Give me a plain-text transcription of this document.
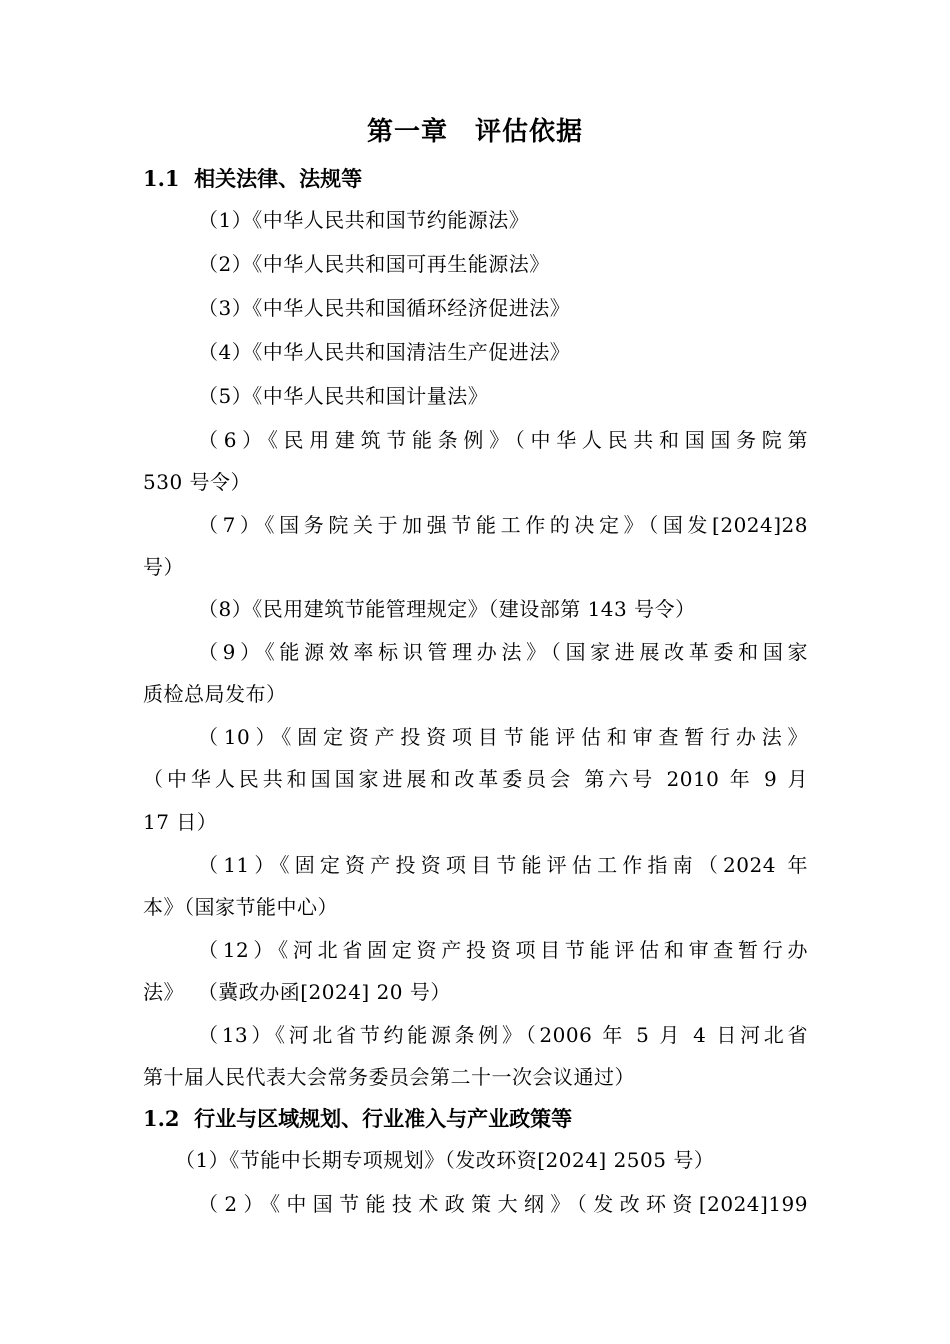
第一章　评估依据
1.1  相关法律、法规等
（1）《中华人民共和国节约能源法》
（2）《中华人民共和国可再生能源法》
（3）《中华人民共和国循环经济促进法》
（4）《中华人民共和国清洁生产促进法》
（5）《中华人民共和国计量法》
（6）《民用建筑节能条例》（中华人民共和国国务院第
530 号令）
（7）《国务院关于加强节能工作的决定》（国发[2024]28
号）
（8）《民用建筑节能管理规定》（建设部第 143 号令）
（9）《能源效率标识管理办法》（国家进展改革委和国家
质检总局发布）
（10）《固定资产投资项目节能评估和审查暂行办法》
（中华人民共和国国家进展和改革委员会 第六号 2010 年 9 月
17 日）
（11）《固定资产投资项目节能评估工作指南（2024 年
本》（国家节能中心）
（12）《河北省固定资产投资项目节能评估和审查暂行办
法》  （冀政办函[2024] 20 号）
（13）《河北省节约能源条例》（2006 年 5 月 4 日河北省
第十届人民代表大会常务委员会第二十一次会议通过）
1.2  行业与区域规划、行业准入与产业政策等
（1）《节能中长期专项规划》（发改环资[2024] 2505 号）
（2）《中国节能技术政策大纲》（发改环资[2024]199
